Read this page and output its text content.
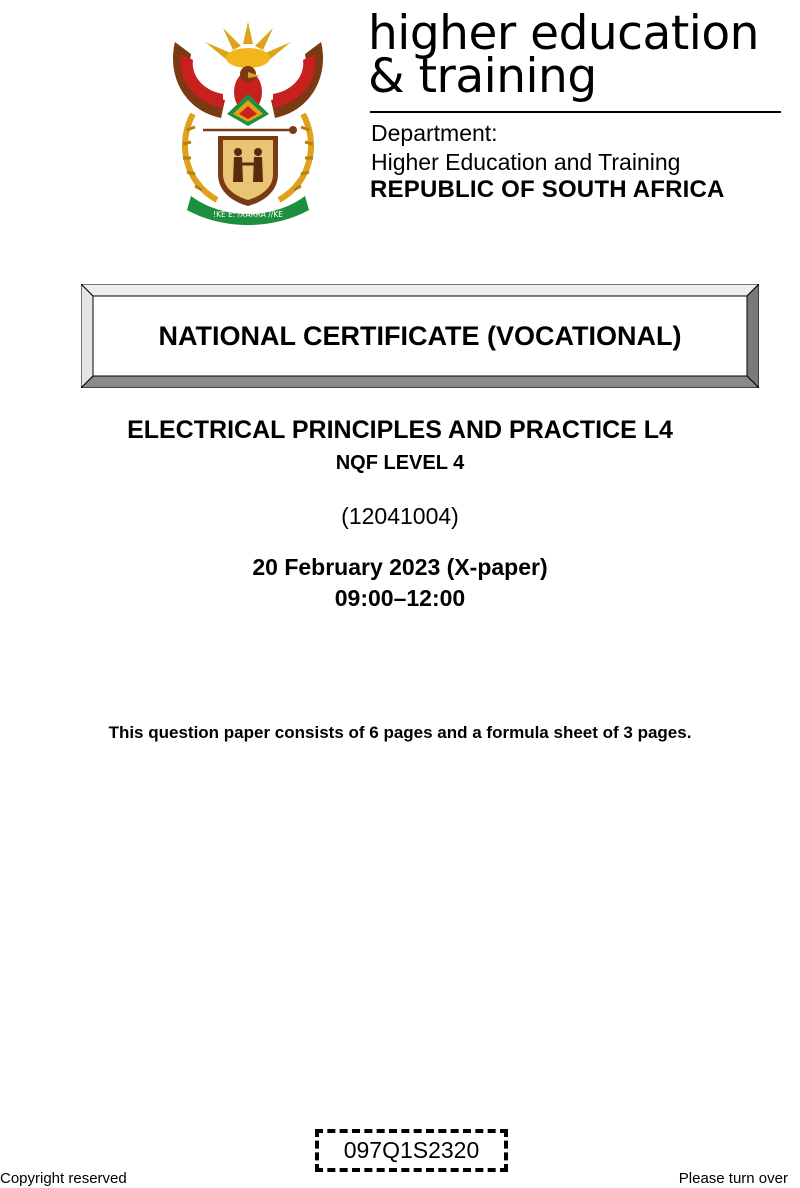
!KE E: /XARRA //KE
higher education
& training
Department:
Higher Education and Training
REPUBLIC OF SOUTH AFRICA
NATIONAL CERTIFICATE (VOCATIONAL)
ELECTRICAL PRINCIPLES AND PRACTICE L4
NQF LEVEL 4
(12041004)
20 February 2023 (X-paper)
09:00–12:00
This question paper consists of 6 pages and a formula sheet of 3 pages.
097Q1S2320
Copyright reserved	Please turn over
